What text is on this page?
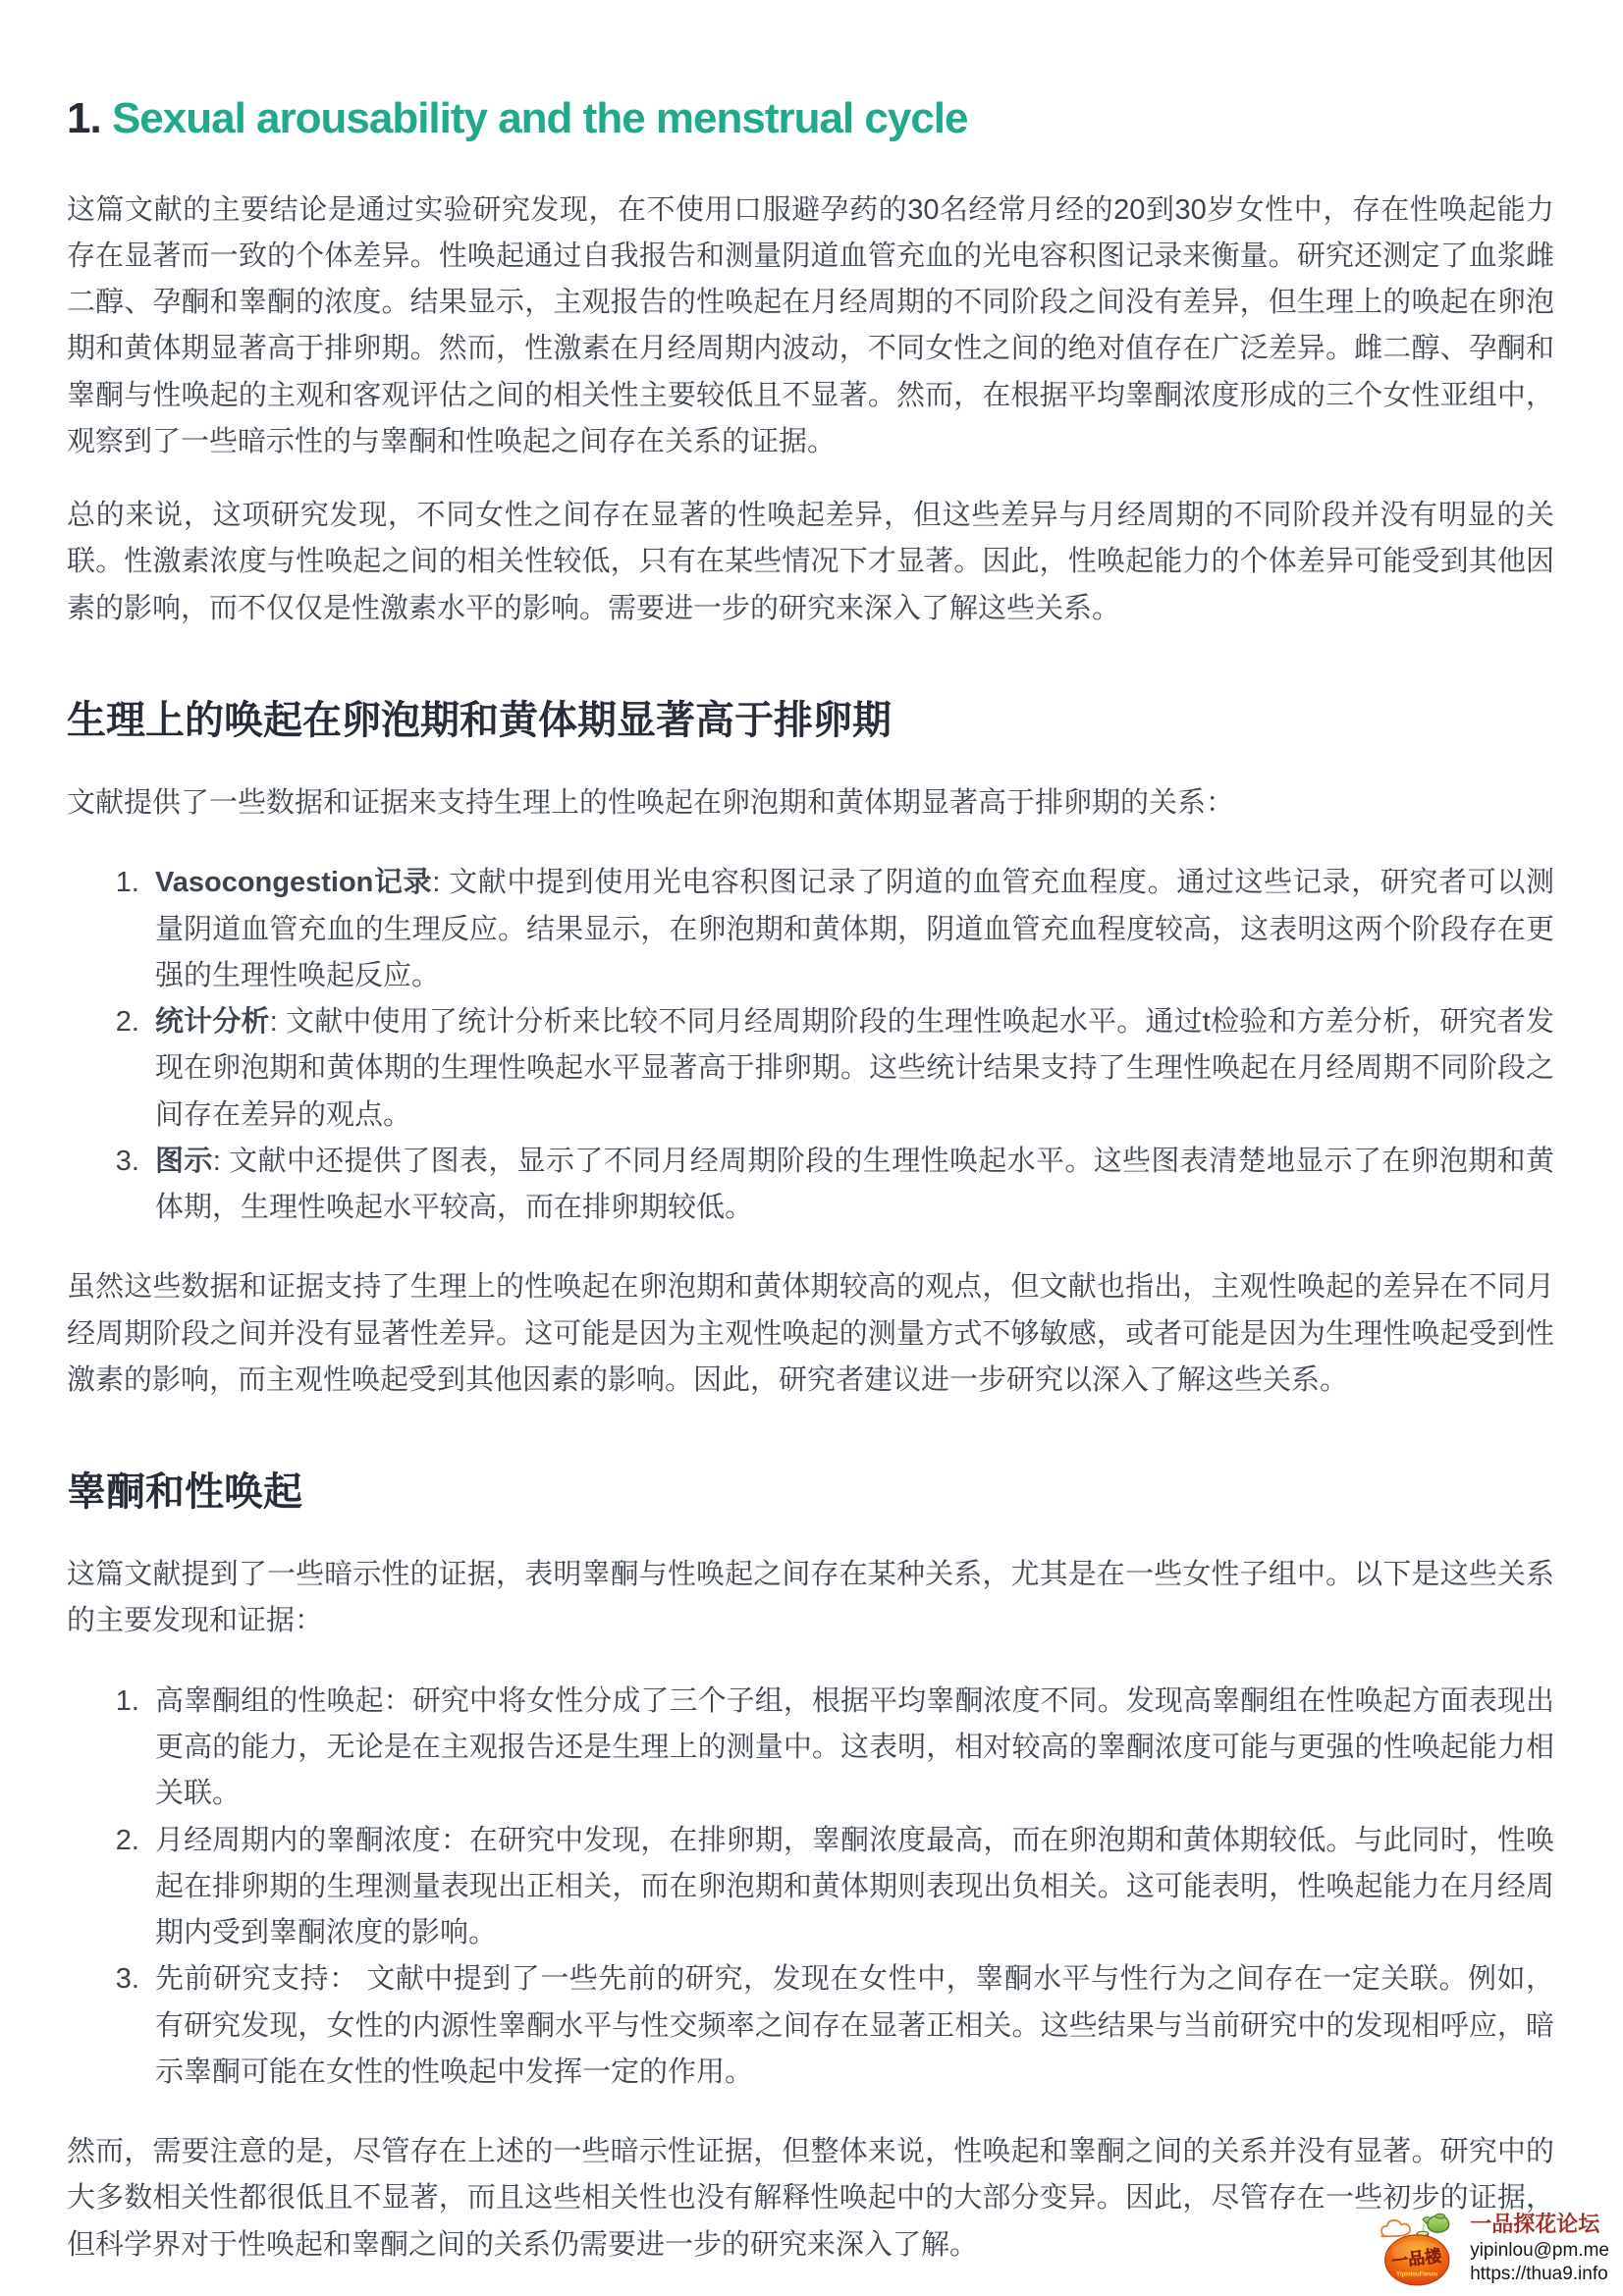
1. Sexual arousability and the menstrual cycle

这篇文献的主要结论是通过实验研究发现，在不使用口服避孕药的30名经常月经的20到30岁女性中，存在性唤起能力存在显著而一致的个体差异。性唤起通过自我报告和测量阴道血管充血的光电容积图记录来衡量。研究还测定了血浆雌二醇、孕酮和睾酮的浓度。结果显示，主观报告的性唤起在月经周期的不同阶段之间没有差异，但生理上的唤起在卵泡期和黄体期显著高于排卵期。然而，性激素在月经周期内波动，不同女性之间的绝对值存在广泛差异。雌二醇、孕酮和睾酮与性唤起的主观和客观评估之间的相关性主要较低且不显著。然而，在根据平均睾酮浓度形成的三个女性亚组中，观察到了一些暗示性的与睾酮和性唤起之间存在关系的证据。

总的来说，这项研究发现，不同女性之间存在显著的性唤起差异，但这些差异与月经周期的不同阶段并没有明显的关联。性激素浓度与性唤起之间的相关性较低，只有在某些情况下才显著。因此，性唤起能力的个体差异可能受到其他因素的影响，而不仅仅是性激素水平的影响。需要进一步的研究来深入了解这些关系。

生理上的唤起在卵泡期和黄体期显著高于排卵期

文献提供了一些数据和证据来支持生理上的性唤起在卵泡期和黄体期显著高于排卵期的关系：

1. Vasocongestion记录: 文献中提到使用光电容积图记录了阴道的血管充血程度。通过这些记录，研究者可以测量阴道血管充血的生理反应。结果显示，在卵泡期和黄体期，阴道血管充血程度较高，这表明这两个阶段存在更强的生理性唤起反应。
2. 统计分析: 文献中使用了统计分析来比较不同月经周期阶段的生理性唤起水平。通过t检验和方差分析，研究者发现在卵泡期和黄体期的生理性唤起水平显著高于排卵期。这些统计结果支持了生理性唤起在月经周期不同阶段之间存在差异的观点。
3. 图示: 文献中还提供了图表，显示了不同月经周期阶段的生理性唤起水平。这些图表清楚地显示了在卵泡期和黄体期，生理性唤起水平较高，而在排卵期较低。

虽然这些数据和证据支持了生理上的性唤起在卵泡期和黄体期较高的观点，但文献也指出，主观性唤起的差异在不同月经周期阶段之间并没有显著性差异。这可能是因为主观性唤起的测量方式不够敏感，或者可能是因为生理性唤起受到性激素的影响，而主观性唤起受到其他因素的影响。因此，研究者建议进一步研究以深入了解这些关系。

睾酮和性唤起

这篇文献提到了一些暗示性的证据，表明睾酮与性唤起之间存在某种关系，尤其是在一些女性子组中。以下是这些关系的主要发现和证据：

1. 高睾酮组的性唤起：研究中将女性分成了三个子组，根据平均睾酮浓度不同。发现高睾酮组在性唤起方面表现出更高的能力，无论是在主观报告还是生理上的测量中。这表明，相对较高的睾酮浓度可能与更强的性唤起能力相关联。
2. 月经周期内的睾酮浓度：在研究中发现，在排卵期，睾酮浓度最高，而在卵泡期和黄体期较低。与此同时，性唤起在排卵期的生理测量表现出正相关，而在卵泡期和黄体期则表现出负相关。这可能表明，性唤起能力在月经周期内受到睾酮浓度的影响。
3. 先前研究支持： 文献中提到了一些先前的研究，发现在女性中，睾酮水平与性行为之间存在一定关联。例如，有研究发现，女性的内源性睾酮水平与性交频率之间存在显著正相关。这些结果与当前研究中的发现相呼应，暗示睾酮可能在女性的性唤起中发挥一定的作用。

然而，需要注意的是，尽管存在上述的一些暗示性证据，但整体来说，性唤起和睾酮之间的关系并没有显著。研究中的大多数相关性都很低且不显著，而且这些相关性也没有解释性唤起中的大部分变异。因此，尽管存在一些初步的证据，但科学界对于性唤起和睾酮之间的关系仍需要进一步的研究来深入了解。	一品楼
YipinlouForum
一品探花论坛
yipinlou@pm.me
https://thua9.info
